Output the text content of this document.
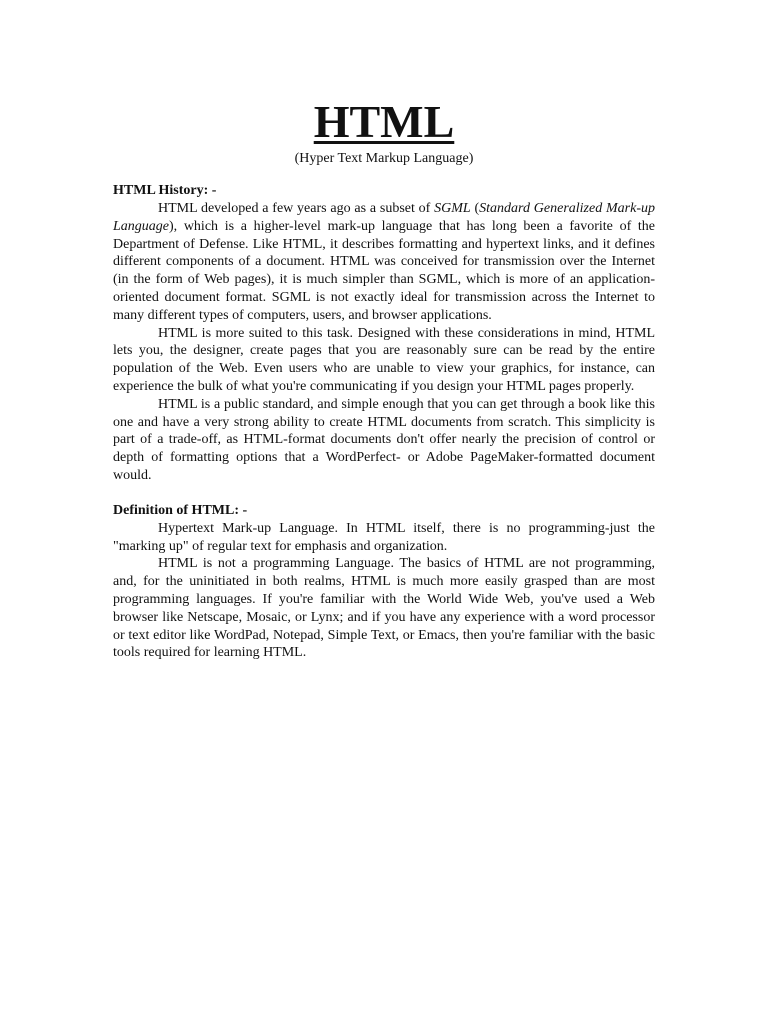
HTML

(Hyper Text Markup Language)

HTML History: -

HTML developed a few years ago as a subset of SGML (Standard Generalized Mark-up Language), which is a higher-level mark-up language that has long been a favorite of the Department of Defense. Like HTML, it describes formatting and hypertext links, and it defines different components of a document. HTML was conceived for transmission over the Internet (in the form of Web pages), it is much simpler than SGML, which is more of an application-oriented document format. SGML is not exactly ideal for transmission across the Internet to many different types of computers, users, and browser applications.

HTML is more suited to this task. Designed with these considerations in mind, HTML lets you, the designer, create pages that you are reasonably sure can be read by the entire population of the Web. Even users who are unable to view your graphics, for instance, can experience the bulk of what you're communicating if you design your HTML pages properly.

HTML is a public standard, and simple enough that you can get through a book like this one and have a very strong ability to create HTML documents from scratch. This simplicity is part of a trade-off, as HTML-format documents don't offer nearly the precision of control or depth of formatting options that a WordPerfect- or Adobe PageMaker-formatted document would.

Definition of HTML: -

Hypertext Mark-up Language. In HTML itself, there is no programming-just the "marking up" of regular text for emphasis and organization.

HTML is not a programming Language. The basics of HTML are not programming, and, for the uninitiated in both realms, HTML is much more easily grasped than are most programming languages. If you're familiar with the World Wide Web, you've used a Web browser like Netscape, Mosaic, or Lynx; and if you have any experience with a word processor or text editor like WordPad, Notepad, Simple Text, or Emacs, then you're familiar with the basic tools required for learning HTML.
